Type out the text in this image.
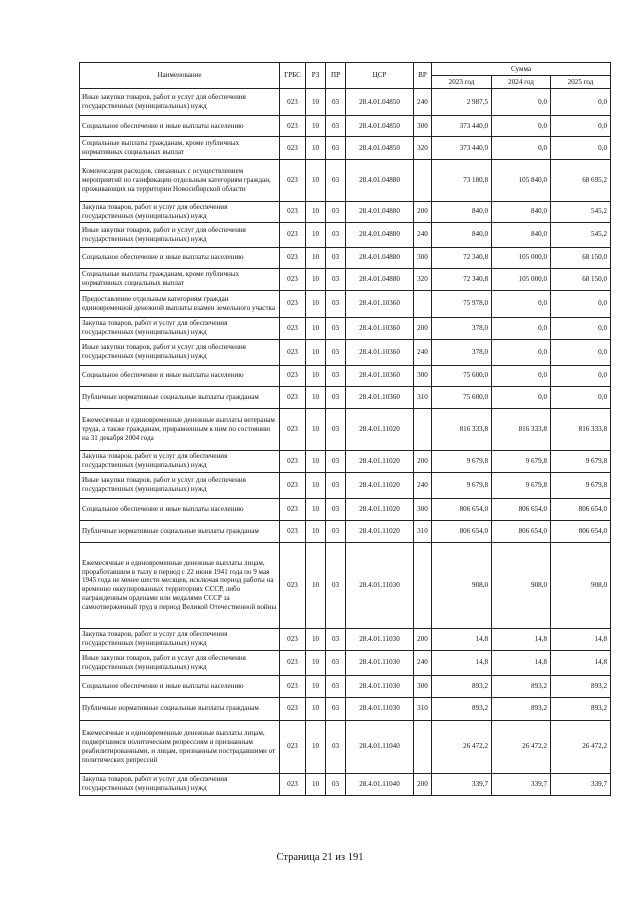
Наименование	ГРБС	РЗ	ПР	ЦСР	ВР	Сумма		
						2023 год	2024 год	2025 год
Иные закупки товаров, работ и услуг для обеспечения государственных (муниципальных) нужд	023	10	03	28.4.01.04850	240	2 987,5	0,0	0,0
Социальное обеспечение и иные выплаты населению	023	10	03	28.4.01.04850	300	373 440,0	0,0	0,0
Социальные выплаты гражданам, кроме публичных нормативных социальных выплат	023	10	03	28.4.01.04850	320	373 440,0	0,0	0,0
Компенсация расходов, связанных с осуществлением мероприятий по газификации отдельным категориям граждан, проживающих на территории Новосибирской области	023	10	03	28.4.01.04880		73 180,8	105 840,0	68 695,2
Закупка товаров, работ и услуг для обеспечения государственных (муниципальных) нужд	023	10	03	28.4.01.04880	200	840,0	840,0	545,2
Иные закупки товаров, работ и услуг для обеспечения государственных (муниципальных) нужд	023	10	03	28.4.01.04880	240	840,0	840,0	545,2
Социальное обеспечение и иные выплаты населению	023	10	03	28.4.01.04880	300	72 340,8	105 000,0	68 150,0
Социальные выплаты гражданам, кроме публичных нормативных социальных выплат	023	10	03	28.4.01.04880	320	72 340,8	105 000,0	68 150,0
Предоставление отдельным категориям граждан единовременной денежной выплаты взамен земельного участка	023	10	03	28.4.01.10360		75 978,0	0,0	0,0
Закупка товаров, работ и услуг для обеспечения государственных (муниципальных) нужд	023	10	03	28.4.01.10360	200	378,0	0,0	0,0
Иные закупки товаров, работ и услуг для обеспечения государственных (муниципальных) нужд	023	10	03	28.4.01.10360	240	378,0	0,0	0,0
Социальное обеспечение и иные выплаты населению	023	10	03	28.4.01.10360	300	75 600,0	0,0	0,0
Публичные нормативные социальные выплаты гражданам	023	10	03	28.4.01.10360	310	75 600,0	0,0	0,0
Ежемесячные и единовременные денежные выплаты ветеранам труда, а также гражданам, приравненным к ним по состоянию на 31 декабря 2004 года	023	10	03	28.4.01.11020		816 333,8	816 333,8	816 333,8
Закупка товаров, работ и услуг для обеспечения государственных (муниципальных) нужд	023	10	03	28.4.01.11020	200	9 679,8	9 679,8	9 679,8
Иные закупки товаров, работ и услуг для обеспечения государственных (муниципальных) нужд	023	10	03	28.4.01.11020	240	9 679,8	9 679,8	9 679,8
Социальное обеспечение и иные выплаты населению	023	10	03	28.4.01.11020	300	806 654,0	806 654,0	806 654,0
Публичные нормативные социальные выплаты гражданам	023	10	03	28.4.01.11020	310	806 654,0	806 654,0	806 654,0
Ежемесячные и единовременные денежные выплаты лицам, проработавшим в тылу в период с 22 июня 1941 года по 9 мая 1945 года не менее шести месяцев, исключая период работы на временно оккупированных территориях СССР, либо награжденным орденами или медалями СССР за самоотверженный труд в период Великой Отечественной войны	023	10	03	28.4.01.11030		908,0	908,0	908,0
Закупка товаров, работ и услуг для обеспечения государственных (муниципальных) нужд	023	10	03	28.4.01.11030	200	14,8	14,8	14,8
Иные закупки товаров, работ и услуг для обеспечения государственных (муниципальных) нужд	023	10	03	28.4.01.11030	240	14,8	14,8	14,8
Социальное обеспечение и иные выплаты населению	023	10	03	28.4.01.11030	300	893,2	893,2	893,2
Публичные нормативные социальные выплаты гражданам	023	10	03	28.4.01.11030	310	893,2	893,2	893,2
Ежемесячные и единовременные денежные выплаты лицам, подвергшимся политическим репрессиям и признанным реабилитированными, и лицам, признанным пострадавшими от политических репрессий	023	10	03	28.4.01.11040		26 472,2	26 472,2	26 472,2
Закупка товаров, работ и услуг для обеспечения государственных (муниципальных) нужд	023	10	03	28.4.01.11040	200	339,7	339,7	339,7
Страница 21 из 191
